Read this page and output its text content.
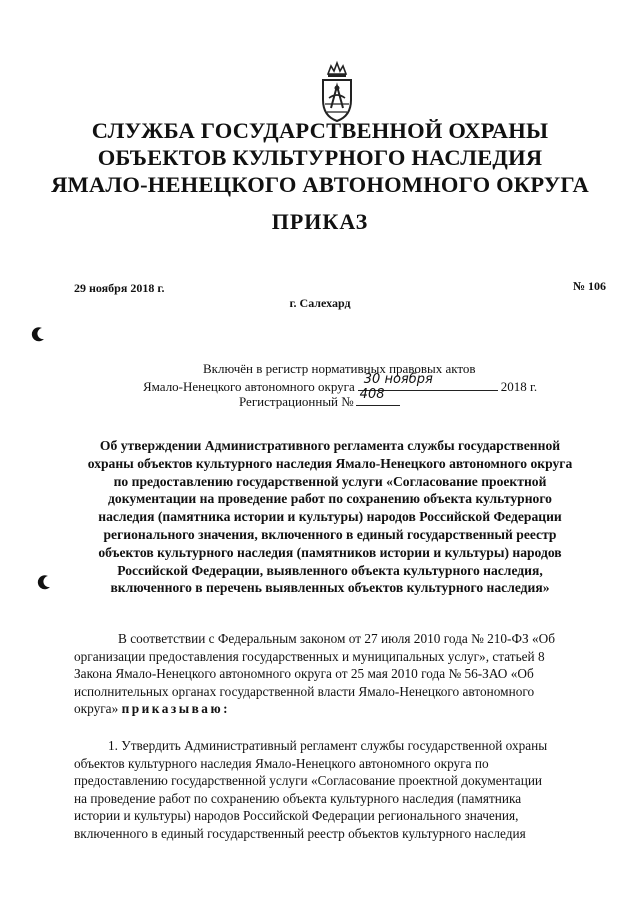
СЛУЖБА ГОСУДАРСТВЕННОЙ ОХРАНЫ
ОБЪЕКТОВ КУЛЬТУРНОГО НАСЛЕДИЯ
ЯМАЛО-НЕНЕЦКОГО АВТОНОМНОГО ОКРУГА
ПРИКАЗ
29 ноября 2018 г.	№ 106
г. Салехард
Включён в регистр нормативных правовых актов
Ямало-Ненецкого автономного округа 30 ноября	2018 г.
Регистрационный № 408
Об утверждении Административного регламента службы государственной
охраны объектов культурного наследия Ямало-Ненецкого автономного округа
по предоставлению государственной услуги «Согласование проектной
документации на проведение работ по сохранению объекта культурного
наследия (памятника истории и культуры) народов Российской Федерации
регионального значения, включенного в единый государственный реестр
объектов культурного наследия (памятников истории и культуры) народов
Российской Федерации, выявленного объекта культурного наследия,
включенного в перечень выявленных объектов культурного наследия»
В соответствии с Федеральным законом от 27 июля 2010 года № 210-ФЗ «Об
организации предоставления государственных и муниципальных услуг», статьей 8
Закона Ямало-Ненецкого автономного округа от 25 мая 2010 года № 56-ЗАО «Об
исполнительных органах государственной власти Ямало-Ненецкого автономного
округа» приказываю:
1. Утвердить Административный регламент службы государственной охраны
объектов культурного наследия Ямало-Ненецкого автономного округа по
предоставлению государственной услуги «Согласование проектной документации
на проведение работ по сохранению объекта культурного наследия (памятника
истории и культуры) народов Российской Федерации регионального значения,
включенного в единый государственный реестр объектов культурного наследия
